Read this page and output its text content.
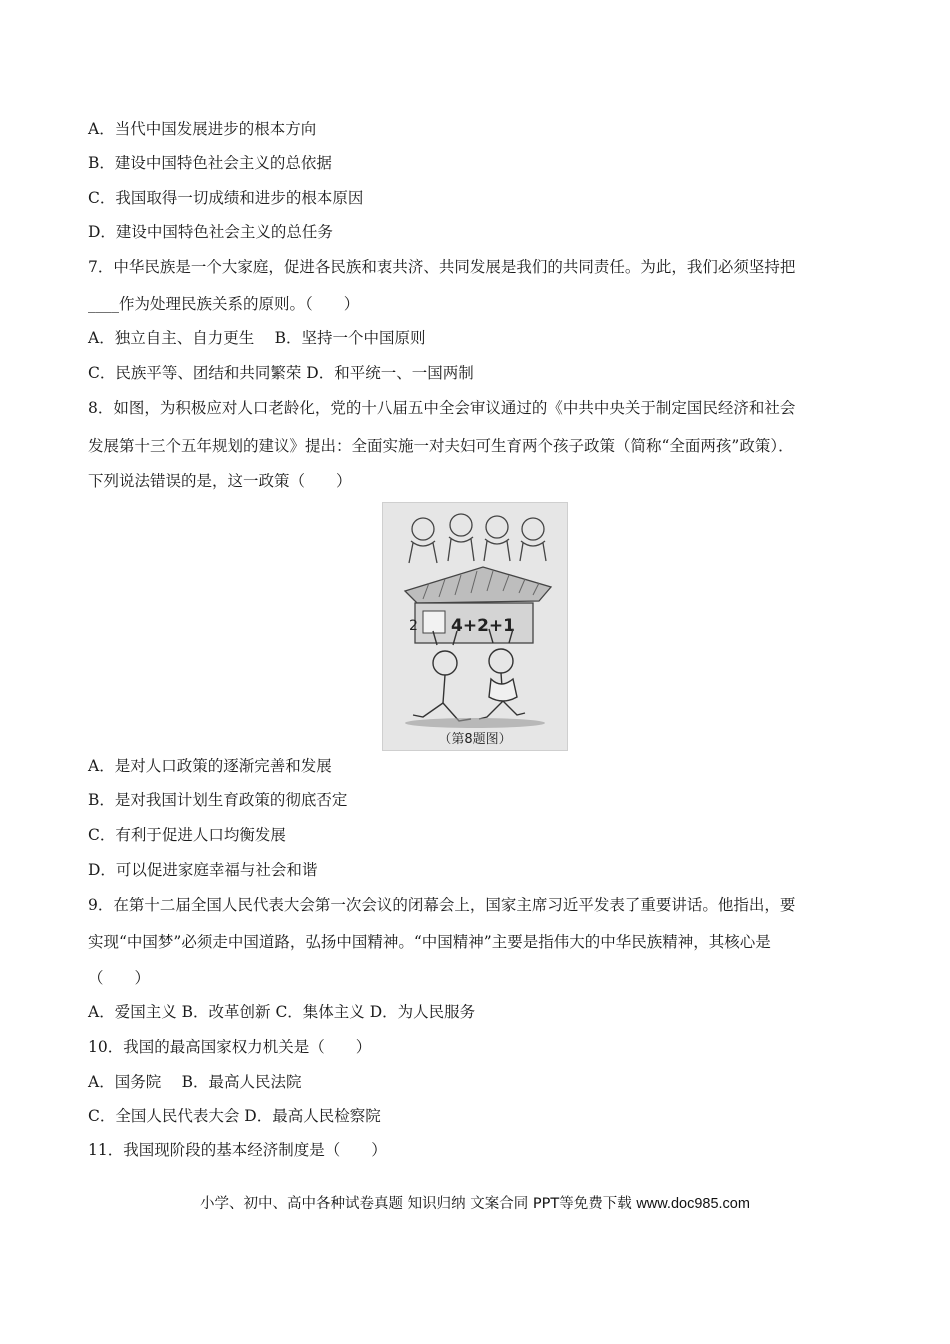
A．当代中国发展进步的根本方向
B．建设中国特色社会主义的总依据
C．我国取得一切成绩和进步的根本原因
D．建设中国特色社会主义的总任务
7．中华民族是一个大家庭，促进各民族和衷共济、共同发展是我们的共同责任。为此，我们必须坚持把
____作为处理民族关系的原则。（　　）
A．独立自主、自力更生　 B．坚持一个中国原则
C．民族平等、团结和共同繁荣 D．和平统一、一国两制
8．如图，为积极应对人口老龄化，党的十八届五中全会审议通过的《中共中央关于制定国民经济和社会
发展第十三个五年规划的建议》提出：全面实施一对夫妇可生育两个孩子政策（简称“全面两孩”政策）．
下列说法错误的是，这一政策（　　）
2 4+2+1
（第8题图）
A．是对人口政策的逐渐完善和发展
B．是对我国计划生育政策的彻底否定
C．有利于促进人口均衡发展
D．可以促进家庭幸福与社会和谐
9．在第十二届全国人民代表大会第一次会议的闭幕会上，国家主席习近平发表了重要讲话。他指出，要
实现“中国梦”必须走中国道路，弘扬中国精神。“中国精神”主要是指伟大的中华民族精神，其核心是
（　　）
A．爱国主义 B．改革创新 C．集体主义 D．为人民服务
10．我国的最高国家权力机关是（　　）
A．国务院　 B．最高人民法院
C．全国人民代表大会 D．最高人民检察院
11．我国现阶段的基本经济制度是（　　）
小学、初中、高中各种试卷真题 知识归纳 文案合同 PPT等免费下载 www.doc985.com
